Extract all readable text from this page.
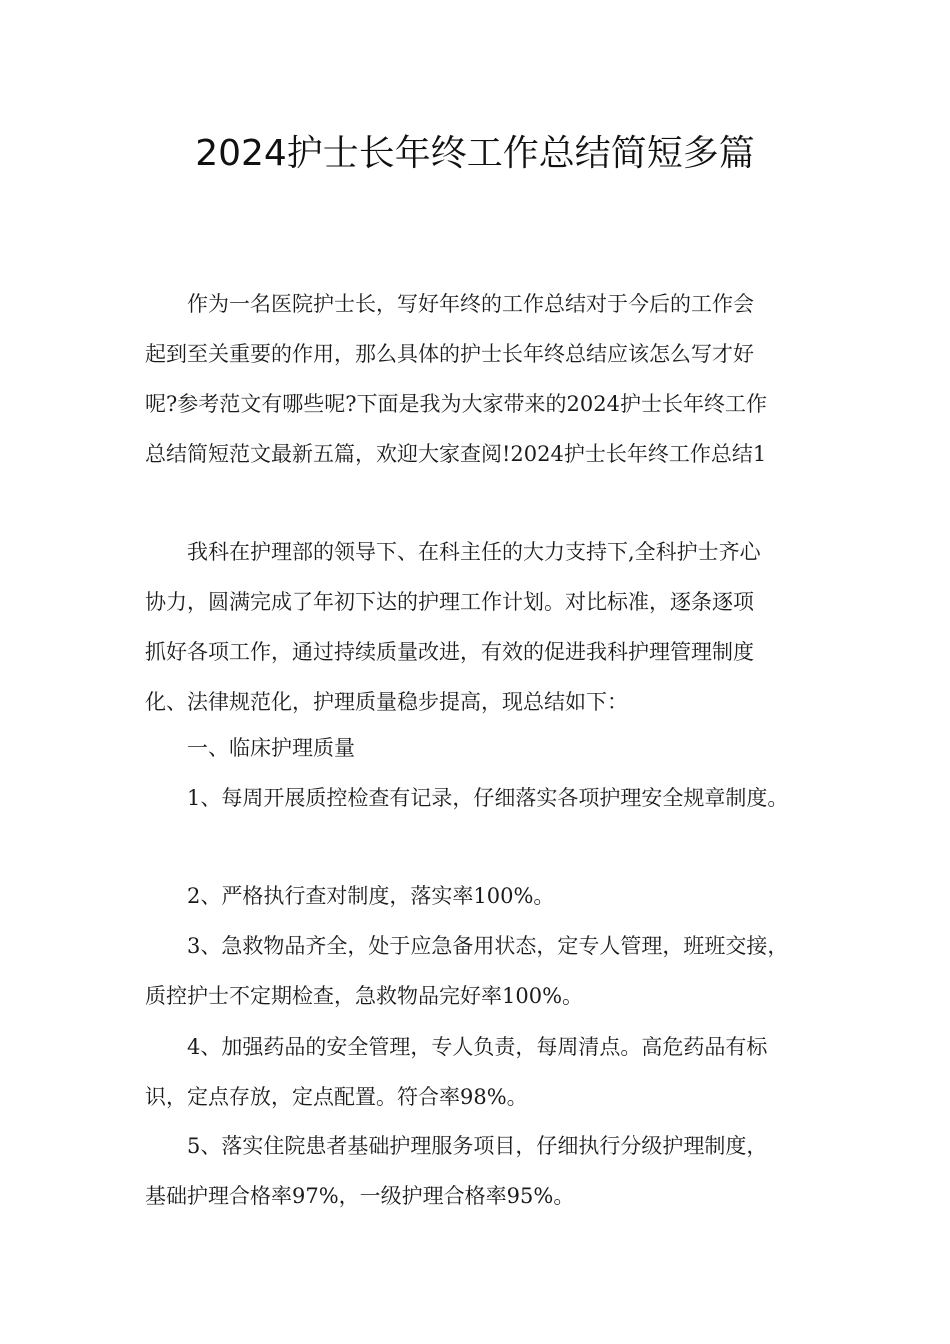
2024护士长年终工作总结简短多篇
作为一名医院护士长，写好年终的工作总结对于今后的工作会
起到至关重要的作用，那么具体的护士长年终总结应该怎么写才好
呢?参考范文有哪些呢?下面是我为大家带来的2024护士长年终工作
总结简短范文最新五篇，欢迎大家查阅!2024护士长年终工作总结1
我科在护理部的领导下、在科主任的大力支持下,全科护士齐心
协力，圆满完成了年初下达的护理工作计划。对比标准，逐条逐项
抓好各项工作，通过持续质量改进，有效的促进我科护理管理制度
化、法律规范化，护理质量稳步提高，现总结如下：
一、临床护理质量
1、每周开展质控检查有记录，仔细落实各项护理安全规章制度。
2、严格执行查对制度，落实率100%。
3、急救物品齐全，处于应急备用状态，定专人管理，班班交接，
质控护士不定期检查，急救物品完好率100%。
4、加强药品的安全管理，专人负责，每周清点。高危药品有标
识，定点存放，定点配置。符合率98%。
5、落实住院患者基础护理服务项目，仔细执行分级护理制度，
基础护理合格率97%，一级护理合格率95%。
